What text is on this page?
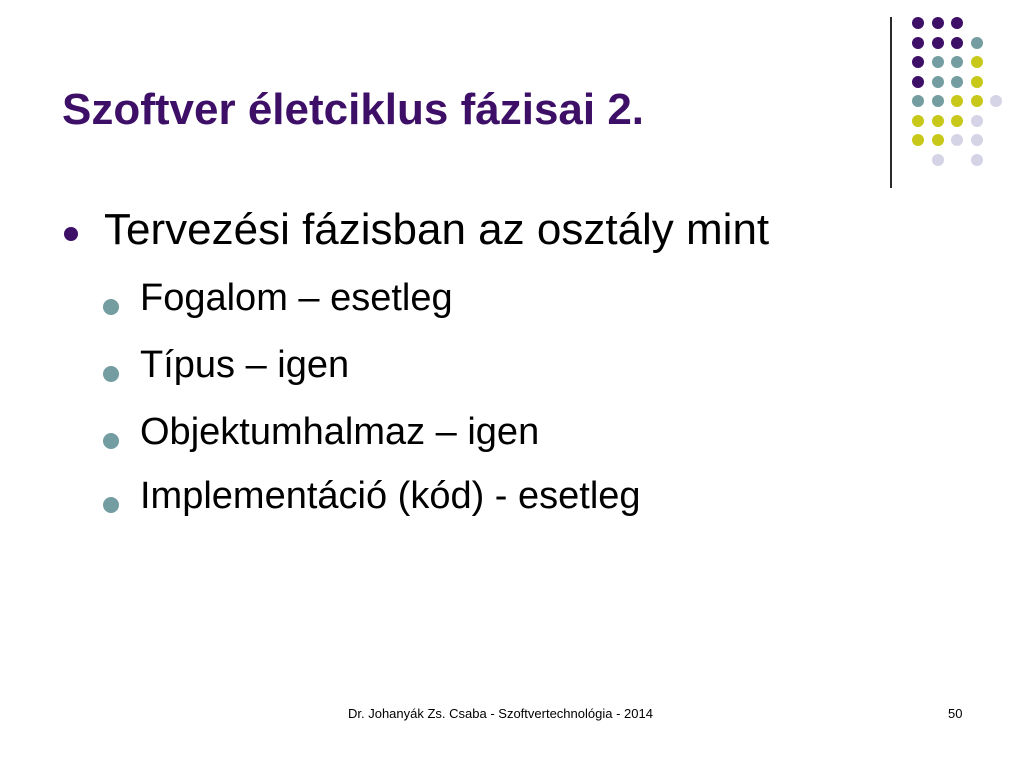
Szoftver életciklus fázisai 2.
Tervezési fázisban az osztály mint
Fogalom – esetleg
Típus – igen
Objektumhalmaz – igen
Implementáció (kód) - esetleg
Dr. Johanyák Zs. Csaba - Szoftvertechnológia - 2014	50
